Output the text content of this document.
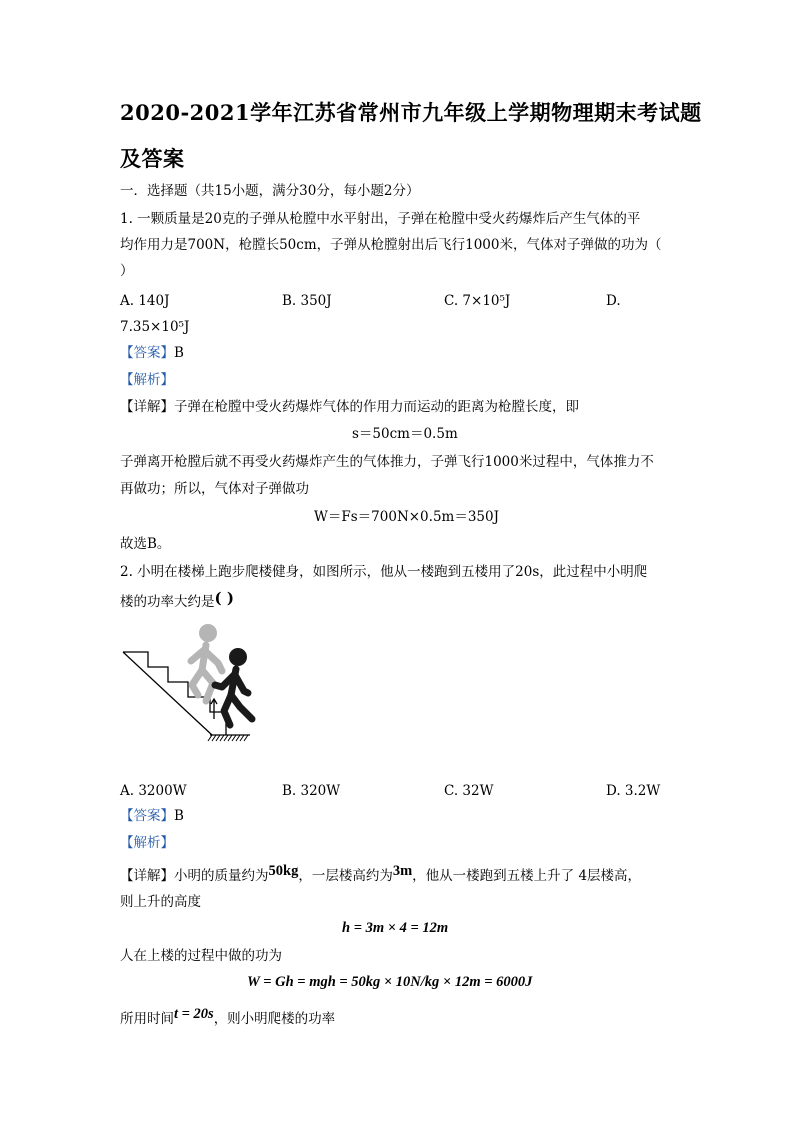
2020-2021学年江苏省常州市九年级上学期物理期末考试题
及答案
一．选择题（共15小题，满分30分，每小题2分）
1. 一颗质量是20克的子弹从枪膛中水平射出，子弹在枪膛中受火药爆炸后产生气体的平
均作用力是700N，枪膛长50cm，子弹从枪膛射出后飞行1000米，气体对子弹做的功为（
）
A. 140J	B. 350J	C. 7×10⁵J	D.
7.35×10⁵J
【答案】B
【解析】
【详解】子弹在枪膛中受火药爆炸气体的作用力而运动的距离为枪膛长度，即
s＝50cm＝0.5m
子弹离开枪膛后就不再受火药爆炸产生的气体推力，子弹飞行1000米过程中，气体推力不
再做功；所以，气体对子弹做功
W＝Fs＝700N×0.5m＝350J
故选B。
2. 小明在楼梯上跑步爬楼健身，如图所示，他从一楼跑到五楼用了20s，此过程中小明爬
楼的功率大约是( )
A. 3200W	B. 320W	C. 32W	D. 3.2W
【答案】B
【解析】
【详解】小明的质量约为50kg，一层楼高约为3m，他从一楼跑到五楼上升了 4层楼高，
则上升的高度
h = 3m × 4 = 12m
人在上楼的过程中做的功为
W = Gh = mgh = 50kg × 10N/kg × 12m = 6000J
所用时间t = 20s，则小明爬楼的功率
